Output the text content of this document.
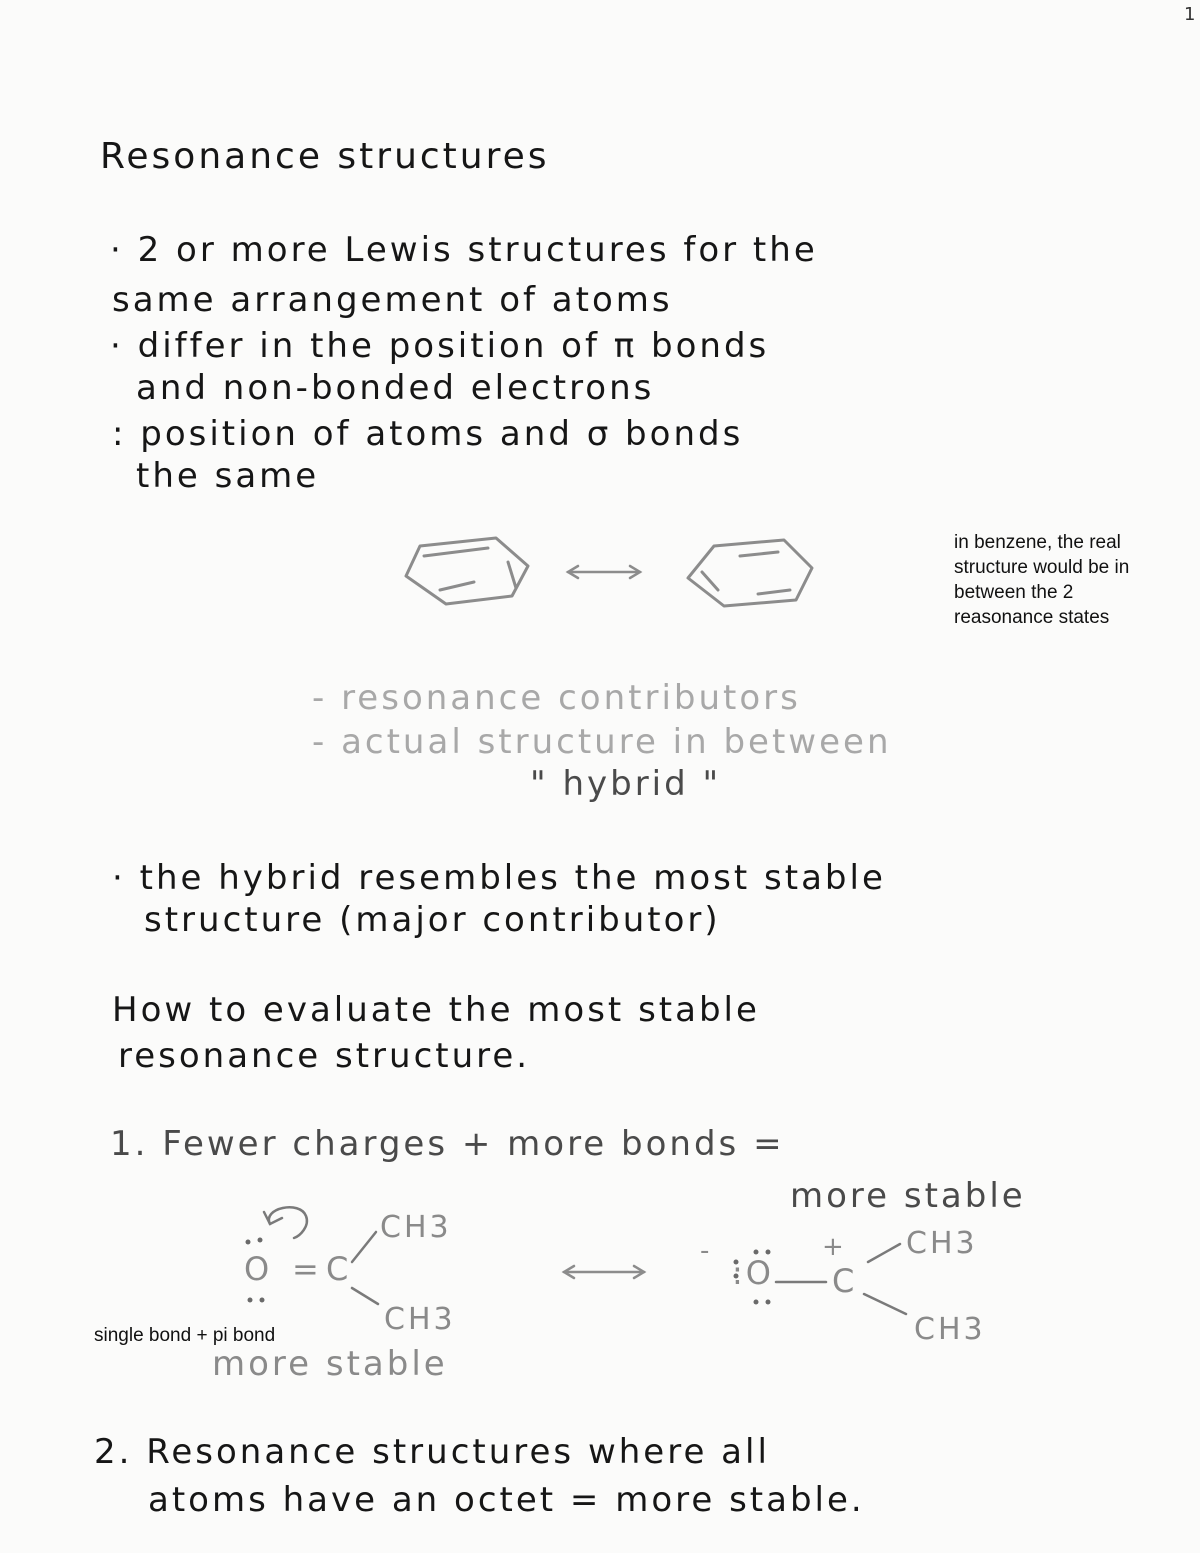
1
Resonance structures
· 2 or more Lewis structures for the
same arrangement of atoms
· differ in the position of π bonds
and non-bonded electrons
: position of atoms and σ bonds
the same
in benzene, the real
structure would be in
between the 2
reasonance states
- resonance contributors
- actual structure in between
" hybrid "
· the hybrid resembles the most stable
structure (major contributor)
How to evaluate the most stable
resonance structure.
1. Fewer charges + more bonds =
more stable
O = C
CH3
CH3
more stable
single bond + pi bond
-
:O
+
C
CH3
CH3
2. Resonance structures where all
atoms have an octet = more stable.
